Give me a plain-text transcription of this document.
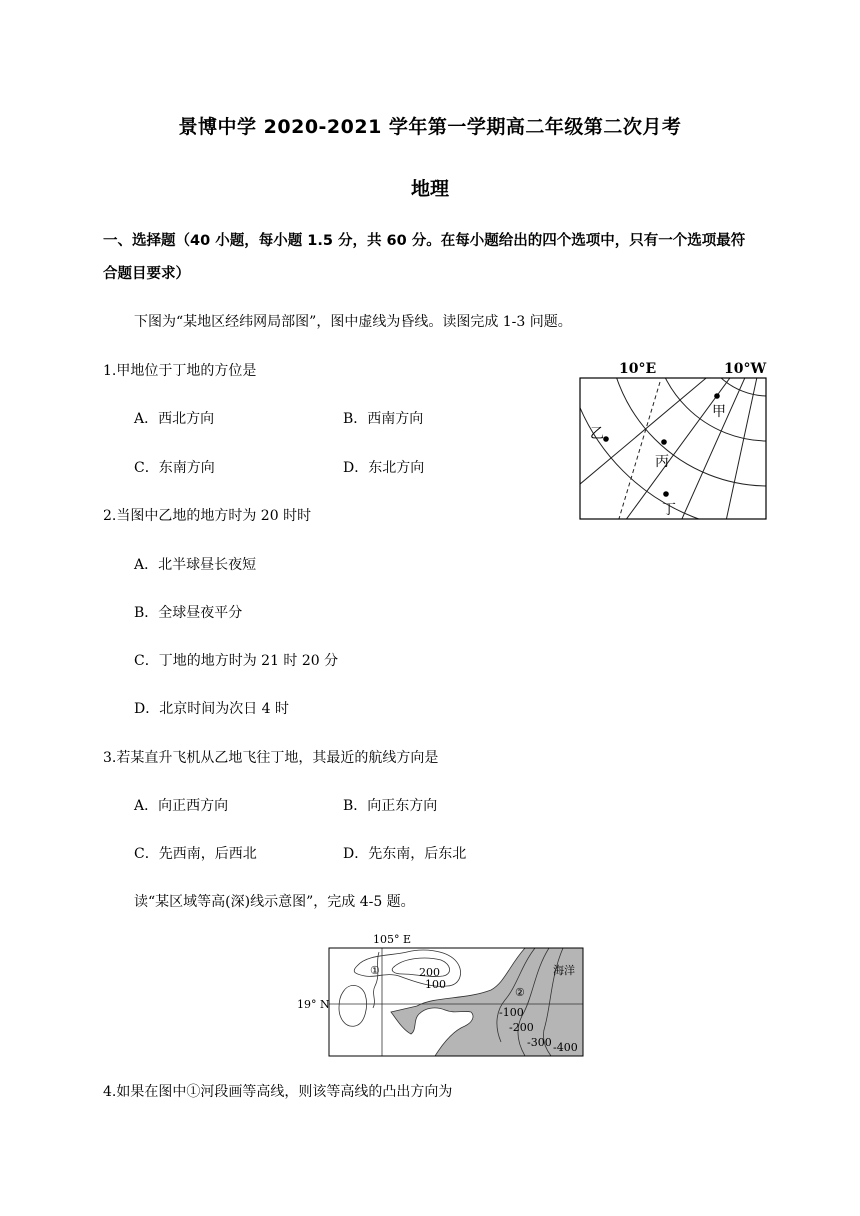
景博中学 2020-2021 学年第一学期高二年级第二次月考
地理
一、选择题（40 小题，每小题 1.5 分，共 60 分。在每小题给出的四个选项中，只有一个选项最符
合题目要求）
下图为“某地区经纬网局部图”，图中虚线为昏线。读图完成 1-3 问题。
1.甲地位于丁地的方位是
A．西北方向	B．西南方向
C．东南方向	D．东北方向
2.当图中乙地的地方时为 20 时时
A．北半球昼长夜短
B．全球昼夜平分
C．丁地的地方时为 21 时 20 分
D．北京时间为次日 4 时
3.若某直升飞机从乙地飞往丁地，其最近的航线方向是
A．向正西方向	B．向正东方向
C．先西南，后西北	D．先东南，后东北
读“某区域等高(深)线示意图”，完成 4-5 题。
4.如果在图中①河段画等高线，则该等高线的凸出方向为
10°E	10°W
甲
乙
丙
丁
105° E
19° N
①
②
海洋
200
100
-100
-200
-300 -400
